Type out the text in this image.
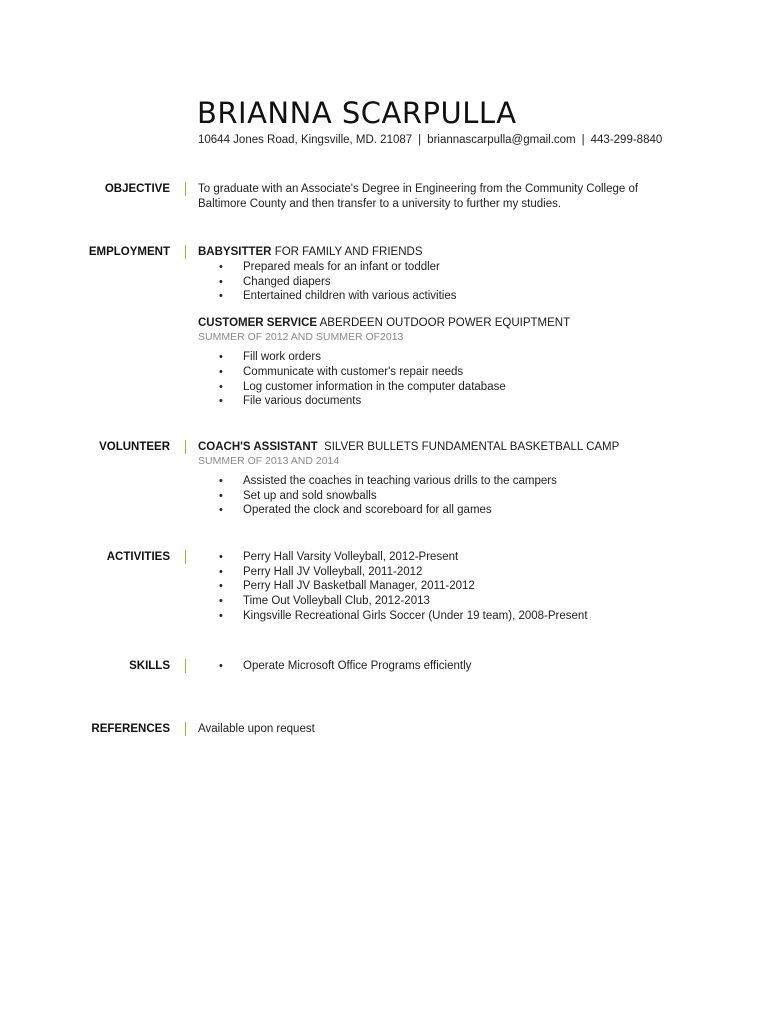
BRIANNA SCARPULLA
10644 Jones Road, Kingsville, MD. 21087 | briannascarpulla@gmail.com | 443-299-8840
OBJECTIVE	To graduate with an Associate's Degree in Engineering from the Community College of Baltimore County and then transfer to a university to further my studies.

EMPLOYMENT	BABYSITTER FOR FAMILY AND FRIENDS

• Prepared meals for an infant or toddler
• Changed diapers
• Entertained children with various activities

CUSTOMER SERVICE ABERDEEN OUTDOOR POWER EQUIPTMENT

SUMMER OF 2012 AND SUMMER OF2013

• Fill work orders
• Communicate with customer's repair needs
• Log customer information in the computer database
• File various documents
VOLUNTEER	COACH'S ASSISTANT SILVER BULLETS FUNDAMENTAL BASKETBALL CAMP

SUMMER OF 2013 AND 2014

• Assisted the coaches in teaching various drills to the campers
• Set up and sold snowballs
• Operated the clock and scoreboard for all games
ACTIVITIES	• Perry Hall Varsity Volleyball, 2012-Present
• Perry Hall JV Volleyball, 2011-2012
• Perry Hall JV Basketball Manager, 2011-2012
• Time Out Volleyball Club, 2012-2013
• Kingsville Recreational Girls Soccer (Under 19 team), 2008-Present
SKILLS	• Operate Microsoft Office Programs efficiently
REFERENCES	Available upon request
